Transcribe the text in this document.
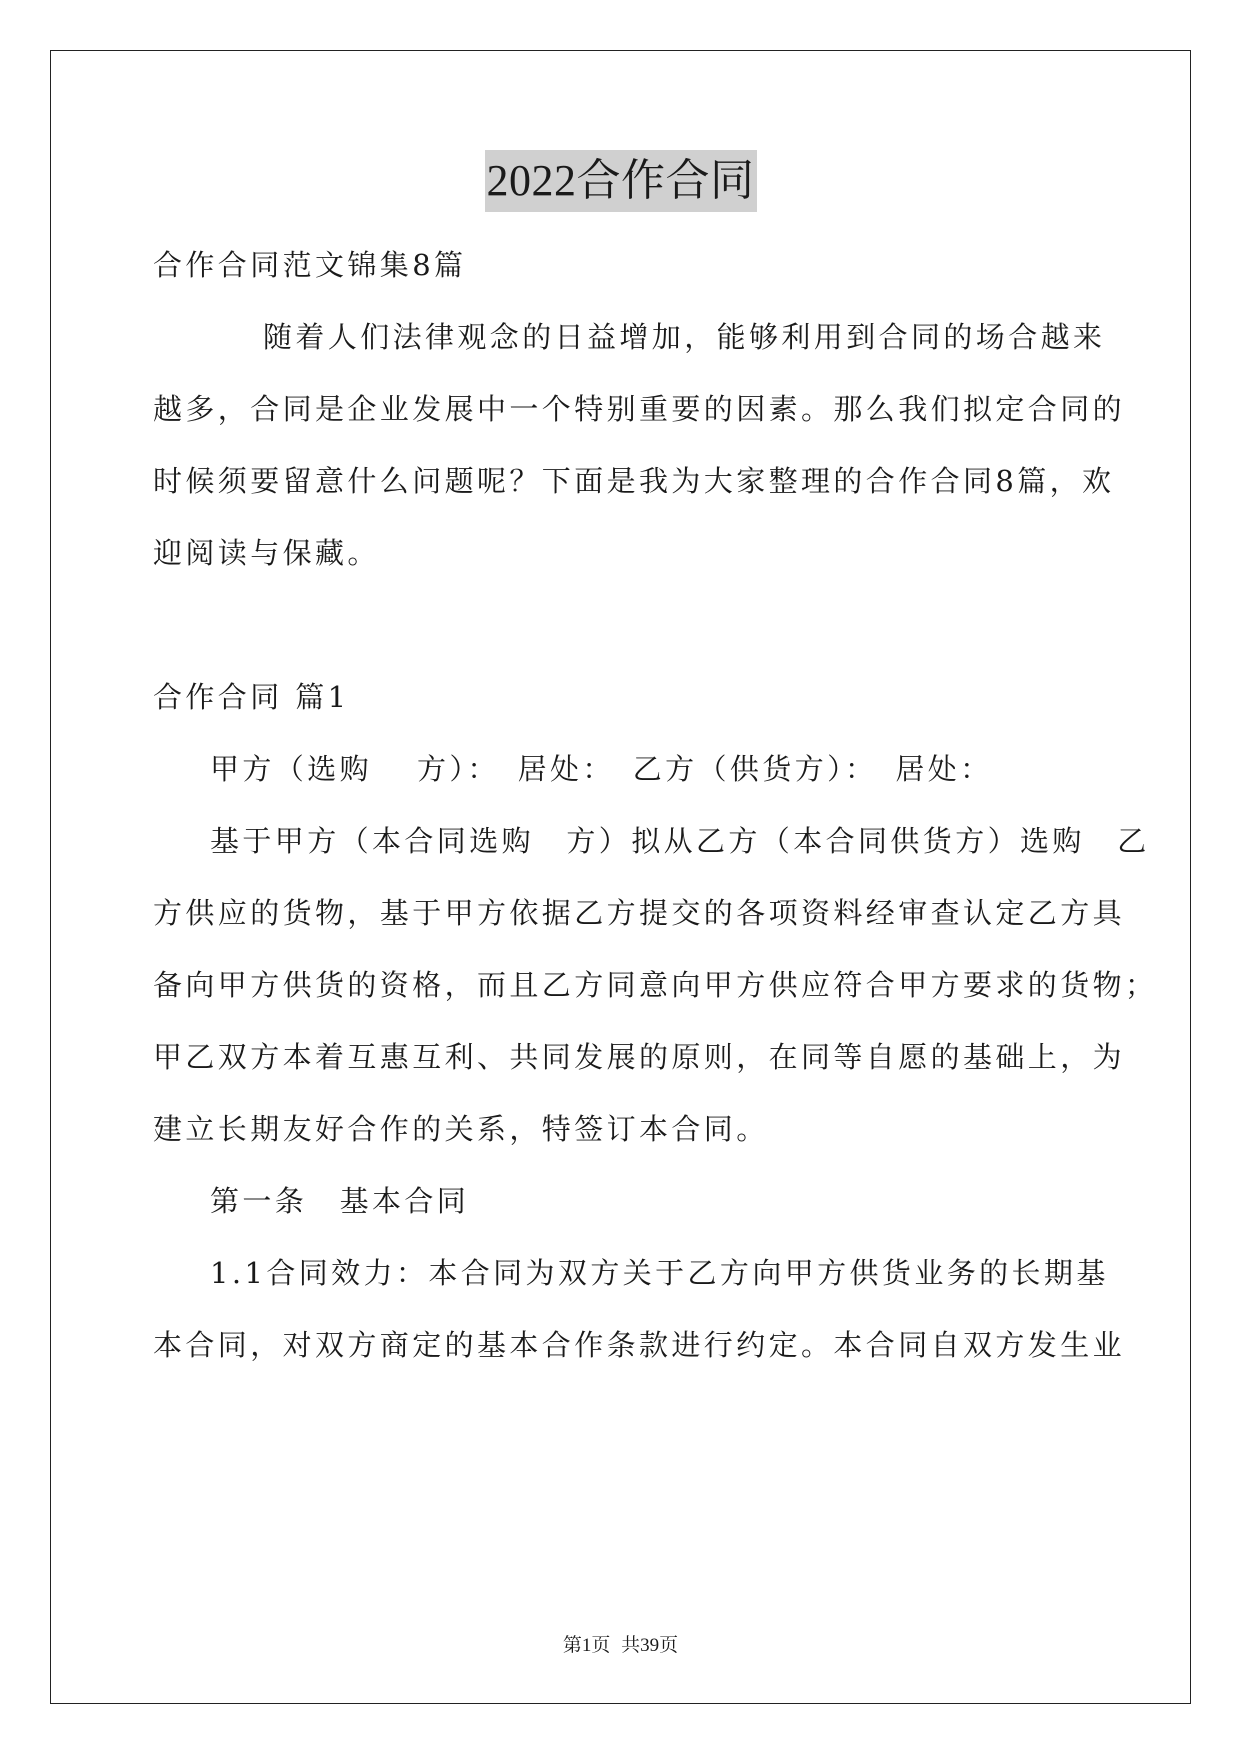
2022合作合同
合作合同范文锦集8篇
随着人们法律观念的日益增加，能够利用到合同的场合越来
越多，合同是企业发展中一个特别重要的因素。那么我们拟定合同的
时候须要留意什么问题呢？下面是我为大家整理的合作合同8篇，欢
迎阅读与保藏。
合作合同 篇1
甲方（选购　 方）：　居处：　乙方（供货方）：　居处：
基于甲方（本合同选购　方）拟从乙方（本合同供货方）选购　乙
方供应的货物，基于甲方依据乙方提交的各项资料经审查认定乙方具
备向甲方供货的资格，而且乙方同意向甲方供应符合甲方要求的货物；
甲乙双方本着互惠互利、共同发展的原则，在同等自愿的基础上，为
建立长期友好合作的关系，特签订本合同。
第一条　基本合同
1.1合同效力：本合同为双方关于乙方向甲方供货业务的长期基
本合同，对双方商定的基本合作条款进行约定。本合同自双方发生业
第1页 共39页
